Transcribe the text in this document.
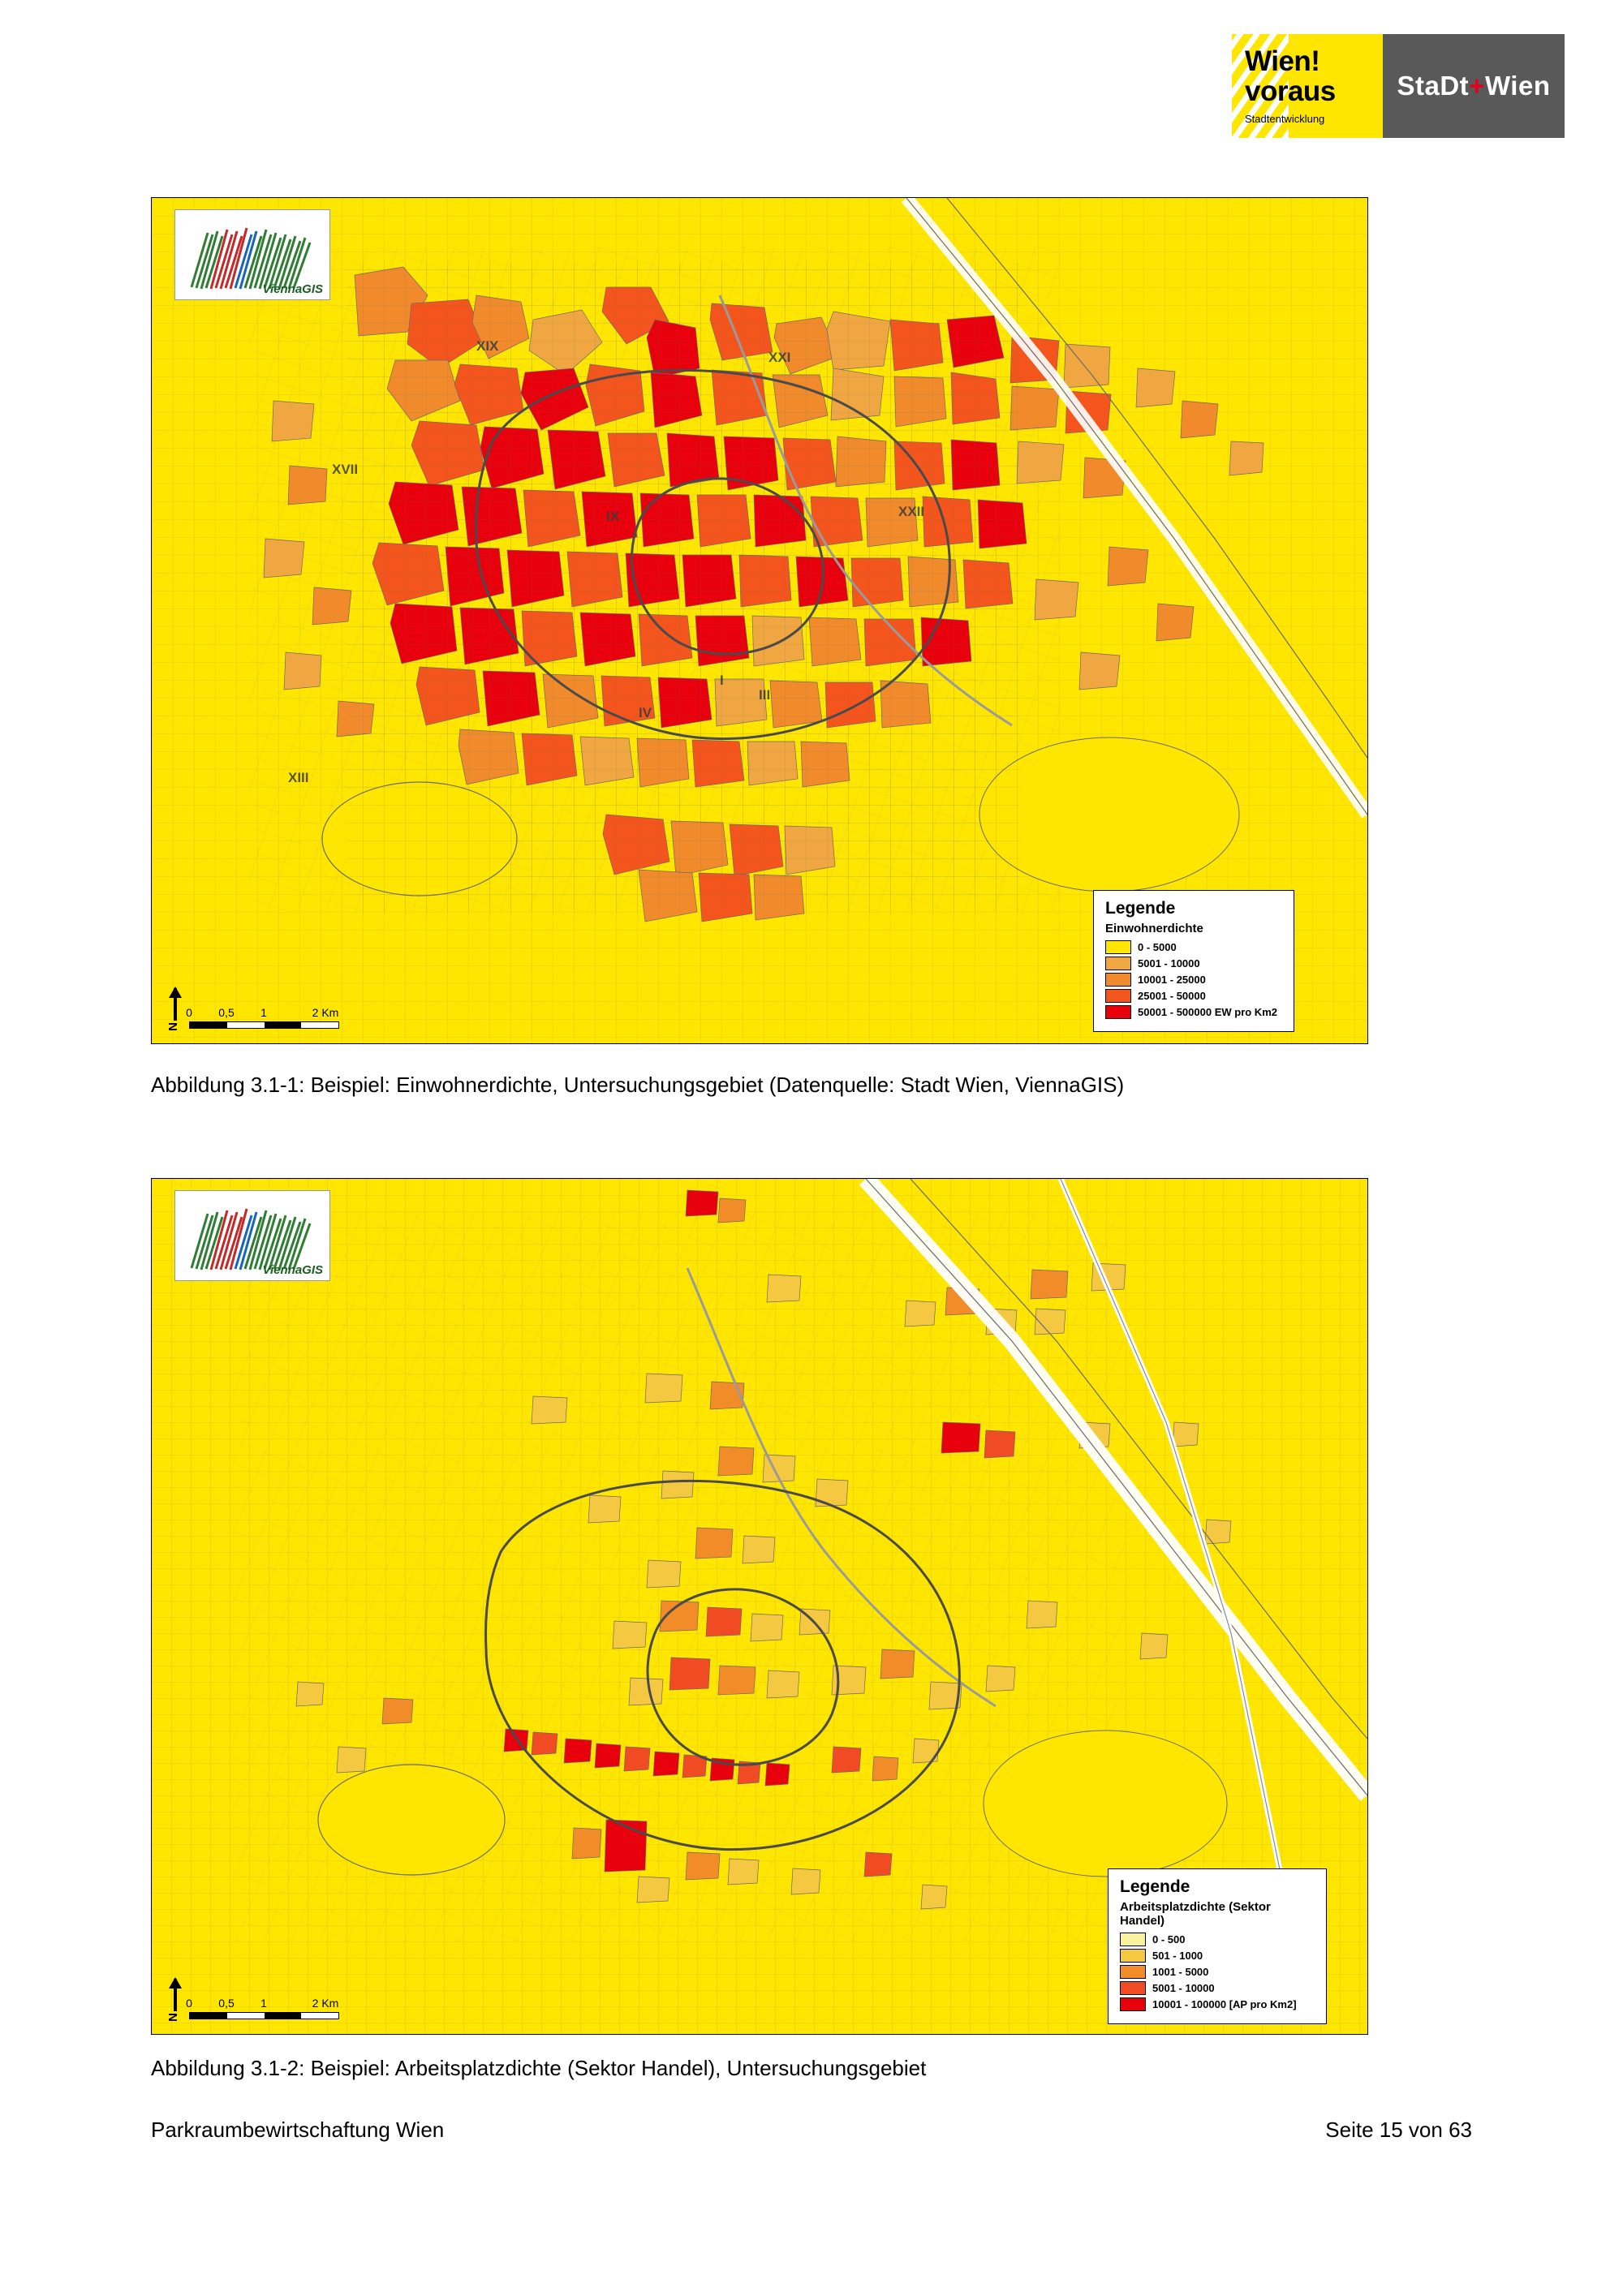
Wien!
voraus
Stadtentwicklung
StaDt+Wien
XIX
XVII
IX
XXI
XXII
XIII
I
III
IV
ViennaGIS
N
0 0,5 1	2 Km
Legende
Einwohnerdichte
0 - 5000
5001 - 10000
10001 - 25000
25001 - 50000
50001 - 500000 EW pro Km2
Abbildung 3.1-1: Beispiel: Einwohnerdichte, Untersuchungsgebiet (Datenquelle: Stadt Wien, ViennaGIS)
ViennaGIS
N
0 0,5 1	2 Km
Legende
Arbeitsplatzdichte (Sektor Handel)
0 - 500
501 - 1000
1001 - 5000
5001 - 10000
10001 - 100000 [AP pro Km2]
Abbildung 3.1-2: Beispiel: Arbeitsplatzdichte (Sektor Handel), Untersuchungsgebiet
Parkraumbewirtschaftung Wien	Seite 15 von 63
